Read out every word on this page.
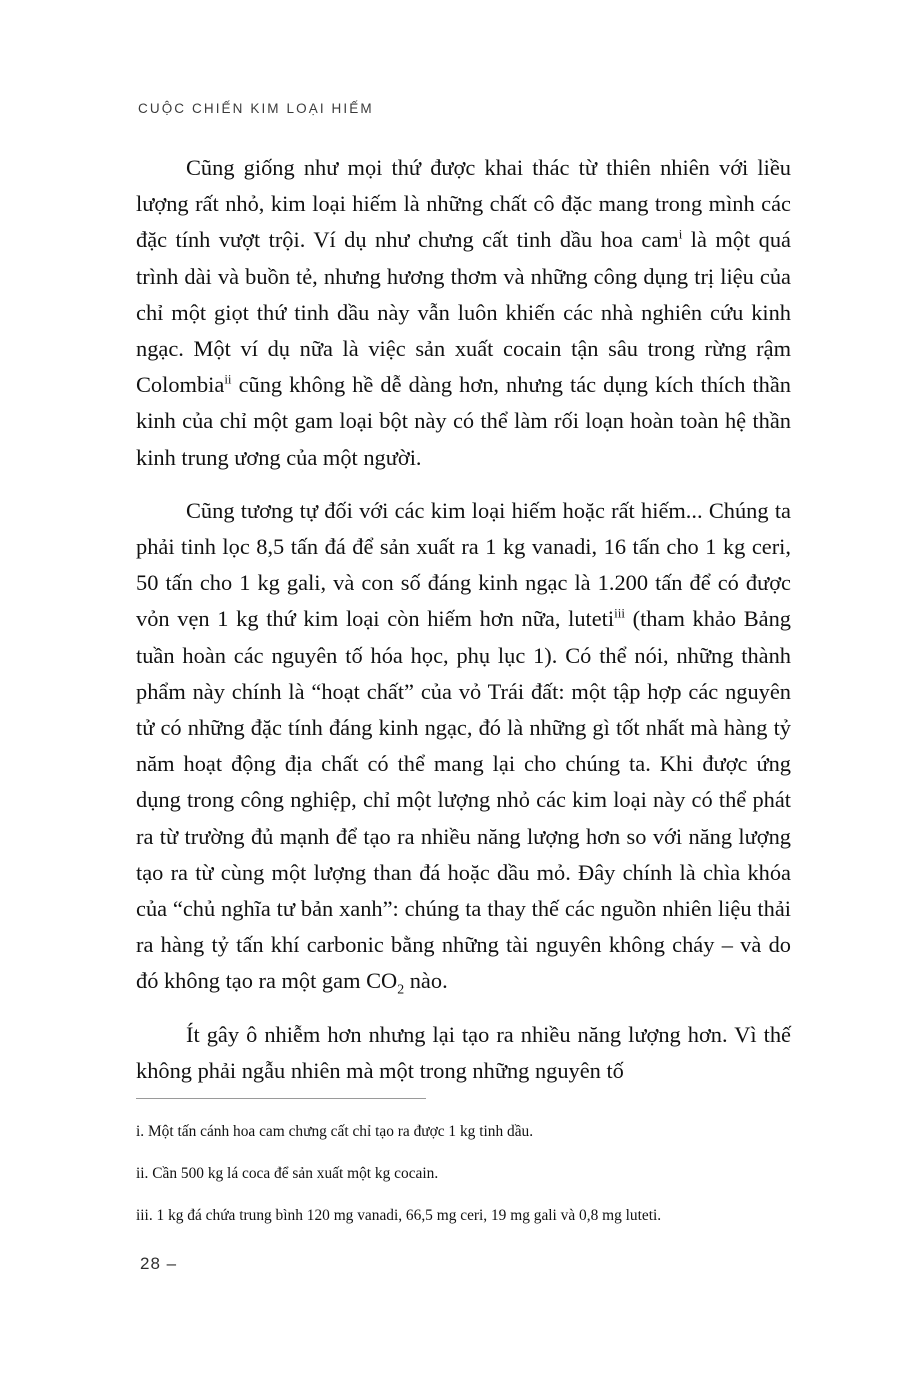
CUỘC CHIẾN KIM LOẠI HIẾM

Cũng giống như mọi thứ được khai thác từ thiên nhiên với liều lượng rất nhỏ, kim loại hiếm là những chất cô đặc mang trong mình các đặc tính vượt trội. Ví dụ như chưng cất tinh dầu hoa cam$^i$ là một quá trình dài và buồn tẻ, nhưng hương thơm và những công dụng trị liệu của chỉ một giọt thứ tinh dầu này vẫn luôn khiến các nhà nghiên cứu kinh ngạc. Một ví dụ nữa là việc sản xuất cocain tận sâu trong rừng rậm Colombia$^{ii}$ cũng không hề dễ dàng hơn, nhưng tác dụng kích thích thần kinh của chỉ một gam loại bột này có thể làm rối loạn hoàn toàn hệ thần kinh trung ương của một người.

Cũng tương tự đối với các kim loại hiếm hoặc rất hiếm... Chúng ta phải tinh lọc 8,5 tấn đá để sản xuất ra 1 kg vanadi, 16 tấn cho 1 kg ceri, 50 tấn cho 1 kg gali, và con số đáng kinh ngạc là 1.200 tấn để có được vỏn vẹn 1 kg thứ kim loại còn hiếm hơn nữa, luteti$^{iii}$ (tham khảo Bảng tuần hoàn các nguyên tố hóa học, phụ lục 1). Có thể nói, những thành phẩm này chính là “hoạt chất” của vỏ Trái đất: một tập hợp các nguyên tử có những đặc tính đáng kinh ngạc, đó là những gì tốt nhất mà hàng tỷ năm hoạt động địa chất có thể mang lại cho chúng ta. Khi được ứng dụng trong công nghiệp, chỉ một lượng nhỏ các kim loại này có thể phát ra từ trường đủ mạnh để tạo ra nhiều năng lượng hơn so với năng lượng tạo ra từ cùng một lượng than đá hoặc dầu mỏ. Đây chính là chìa khóa của “chủ nghĩa tư bản xanh”: chúng ta thay thế các nguồn nhiên liệu thải ra hàng tỷ tấn khí carbonic bằng những tài nguyên không cháy – và do đó không tạo ra một gam $CO_2$ nào.

Ít gây ô nhiễm hơn nhưng lại tạo ra nhiều năng lượng hơn. Vì thế không phải ngẫu nhiên mà một trong những nguyên tố

i. Một tấn cánh hoa cam chưng cất chỉ tạo ra được 1 kg tinh dầu.

ii. Cần 500 kg lá coca để sản xuất một kg cocain.

iii. 1 kg đá chứa trung bình 120 mg vanadi, 66,5 mg ceri, 19 mg gali và 0,8 mg luteti.

28 –
